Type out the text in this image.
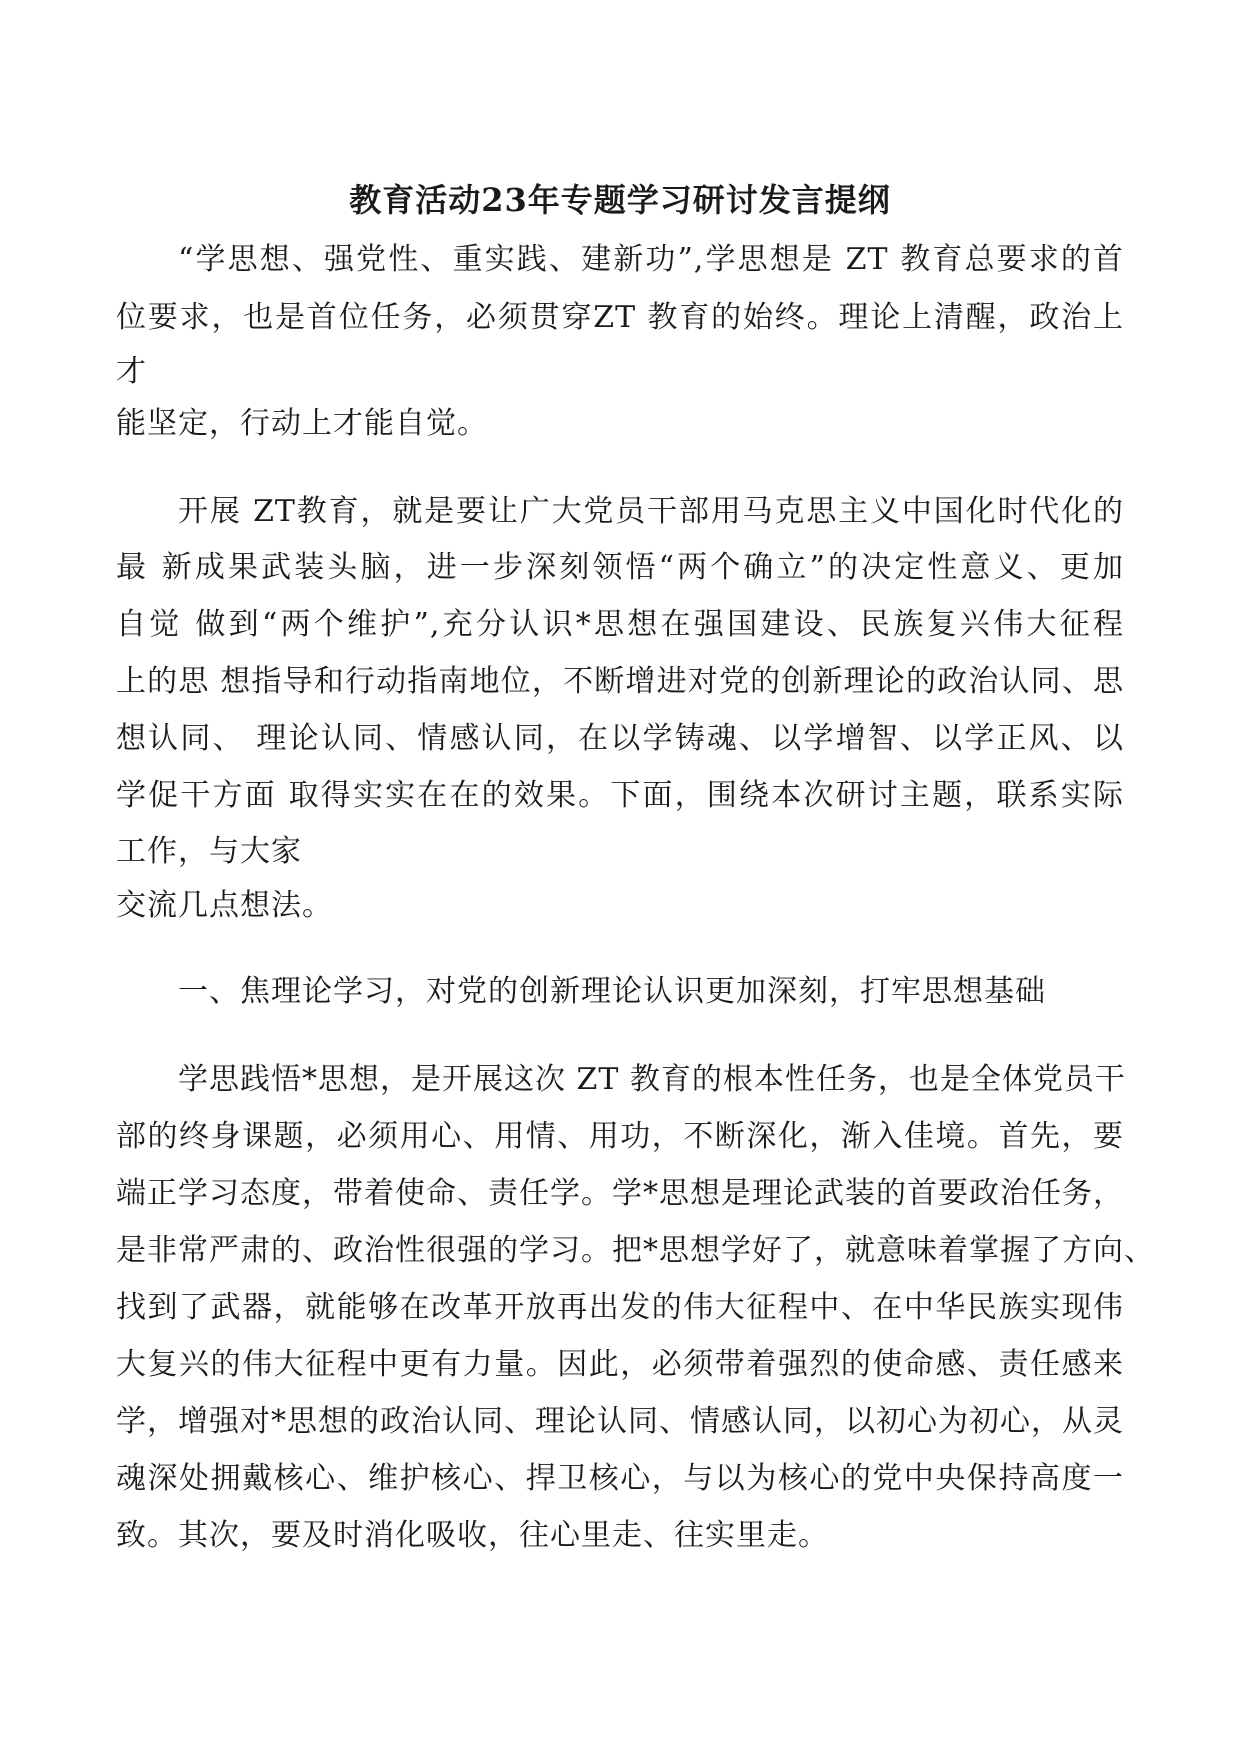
教育活动23年专题学习研讨发言提纲
“学思想、强党性、重实践、建新功”,学思想是 ZT 教育总要求的首
位要求，也是首位任务，必须贯穿ZT 教育的始终。理论上清醒，政治上
才
能坚定，行动上才能自觉。
开展 ZT教育，就是要让广大党员干部用马克思主义中国化时代化的
最 新成果武装头脑，进一步深刻领悟“两个确立”的决定性意义、更加
自觉 做到“两个维护”,充分认识*思想在强国建设、民族复兴伟大征程
上的思 想指导和行动指南地位，不断增进对党的创新理论的政治认同、思
想认同、 理论认同、情感认同，在以学铸魂、以学增智、以学正风、以
学促干方面 取得实实在在的效果。下面，围绕本次研讨主题，联系实际
工作，与大家
交流几点想法。
一、焦理论学习，对党的创新理论认识更加深刻，打牢思想基础
学思践悟*思想，是开展这次 ZT 教育的根本性任务，也是全体党员干
部的终身课题，必须用心、用情、用功，不断深化，渐入佳境。首先，要
端正学习态度，带着使命、责任学。学*思想是理论武装的首要政治任务，
是非常严肃的、政治性很强的学习。把*思想学好了，就意味着掌握了方向、
找到了武器，就能够在改革开放再出发的伟大征程中、在中华民族实现伟
大复兴的伟大征程中更有力量。因此，必须带着强烈的使命感、责任感来
学，增强对*思想的政治认同、理论认同、情感认同，以初心为初心，从灵
魂深处拥戴核心、维护核心、捍卫核心，与以为核心的党中央保持高度一
致。其次，要及时消化吸收，往心里走、往实里走。
